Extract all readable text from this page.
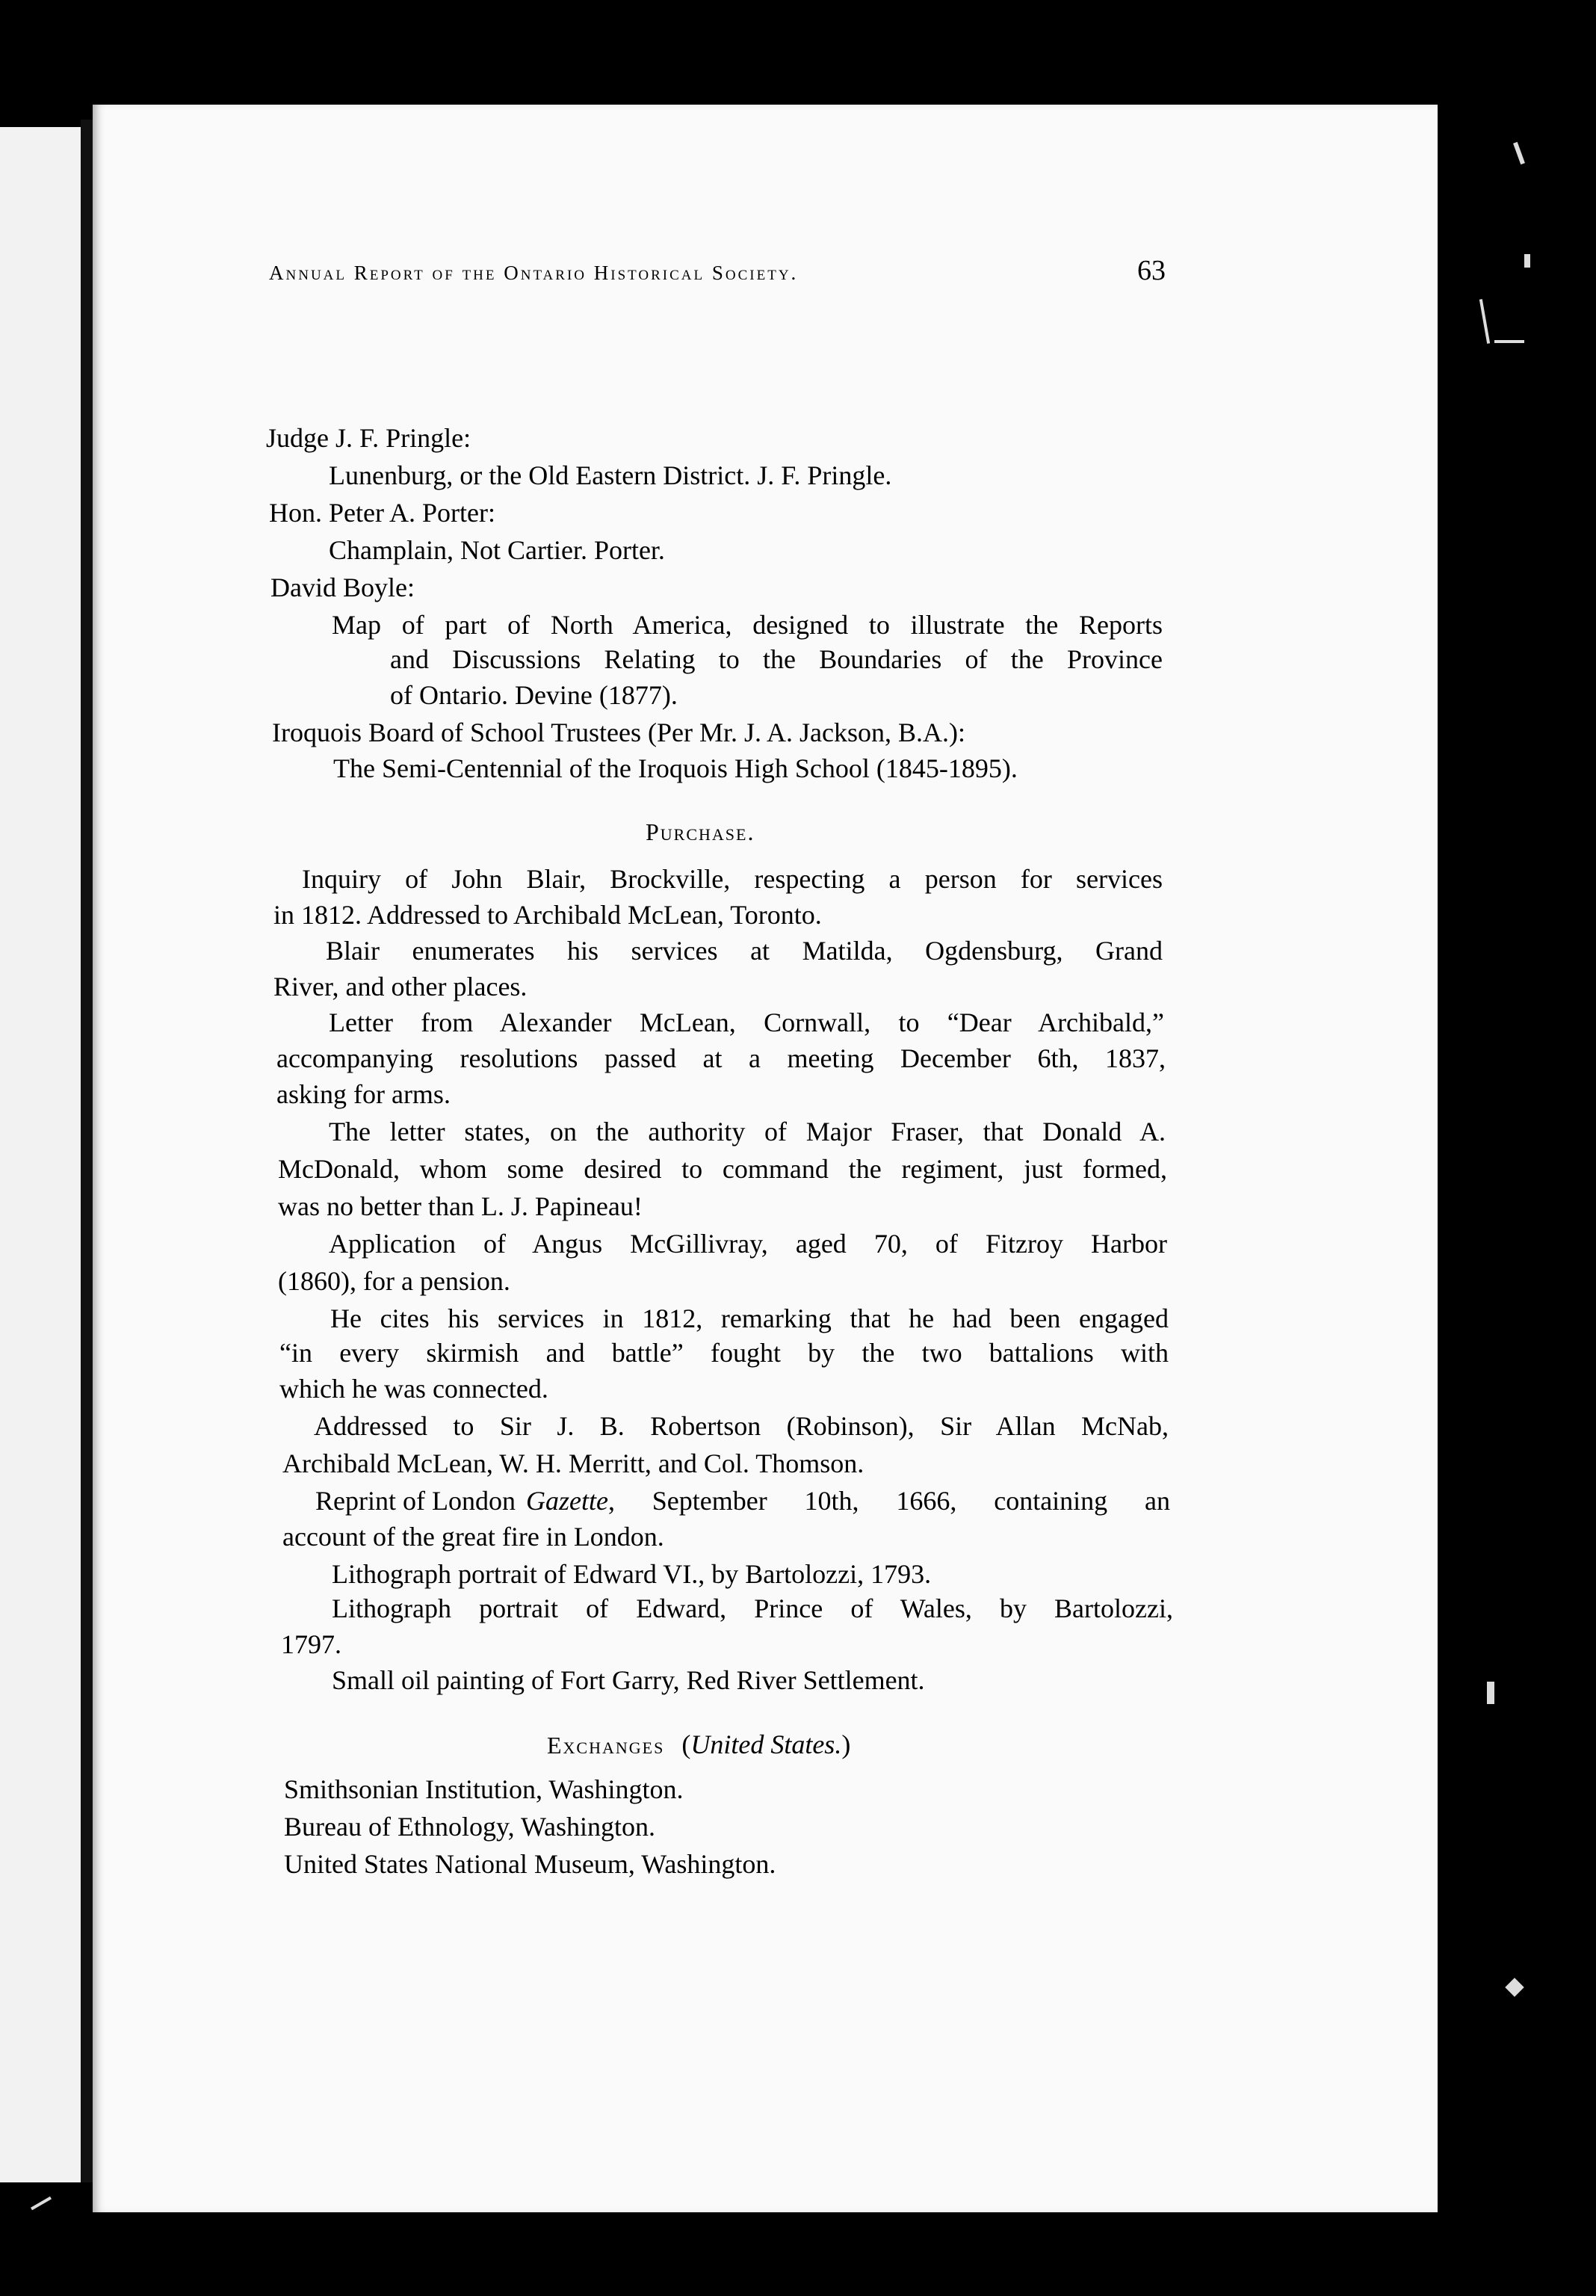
Annual Report of the Ontario Historical Society.	63
Judge J. F. Pringle:
Lunenburg, or the Old Eastern District. J. F. Pringle.
Hon. Peter A. Porter:
Champlain, Not Cartier. Porter.
David Boyle:
Map of part of North America, designed to illustrate the Reports
and Discussions Relating to the Boundaries of the Province
of Ontario. Devine (1877).
Iroquois Board of School Trustees (Per Mr. J. A. Jackson, B.A.):
The Semi-Centennial of the Iroquois High School (1845-1895).
Purchase.
Inquiry of John Blair, Brockville, respecting a person for services
in 1812. Addressed to Archibald McLean, Toronto.
Blair enumerates his services at Matilda, Ogdensburg, Grand
River, and other places.
Letter from Alexander McLean, Cornwall, to “Dear Archibald,”
accompanying resolutions passed at a meeting December 6th, 1837,
asking for arms.
The letter states, on the authority of Major Fraser, that Donald A.
McDonald, whom some desired to command the regiment, just formed,
was no better than L. J. Papineau!
Application of Angus McGillivray, aged 70, of Fitzroy Harbor
(1860), for a pension.
He cites his services in 1812, remarking that he had been engaged
“in every skirmish and battle” fought by the two battalions with
which he was connected.
Addressed to Sir J. B. Robertson (Robinson), Sir Allan McNab,
Archibald McLean, W. H. Merritt, and Col. Thomson.
Reprint of London Gazette , September 10th, 1666, containing an
account of the great fire in London.
Lithograph portrait of Edward VI., by Bartolozzi, 1793.
Lithograph portrait of Edward, Prince of Wales, by Bartolozzi,
1797.
Small oil painting of Fort Garry, Red River Settlement.
Exchanges (United States.)
Smithsonian Institution, Washington.
Bureau of Ethnology, Washington.
United States National Museum, Washington.
